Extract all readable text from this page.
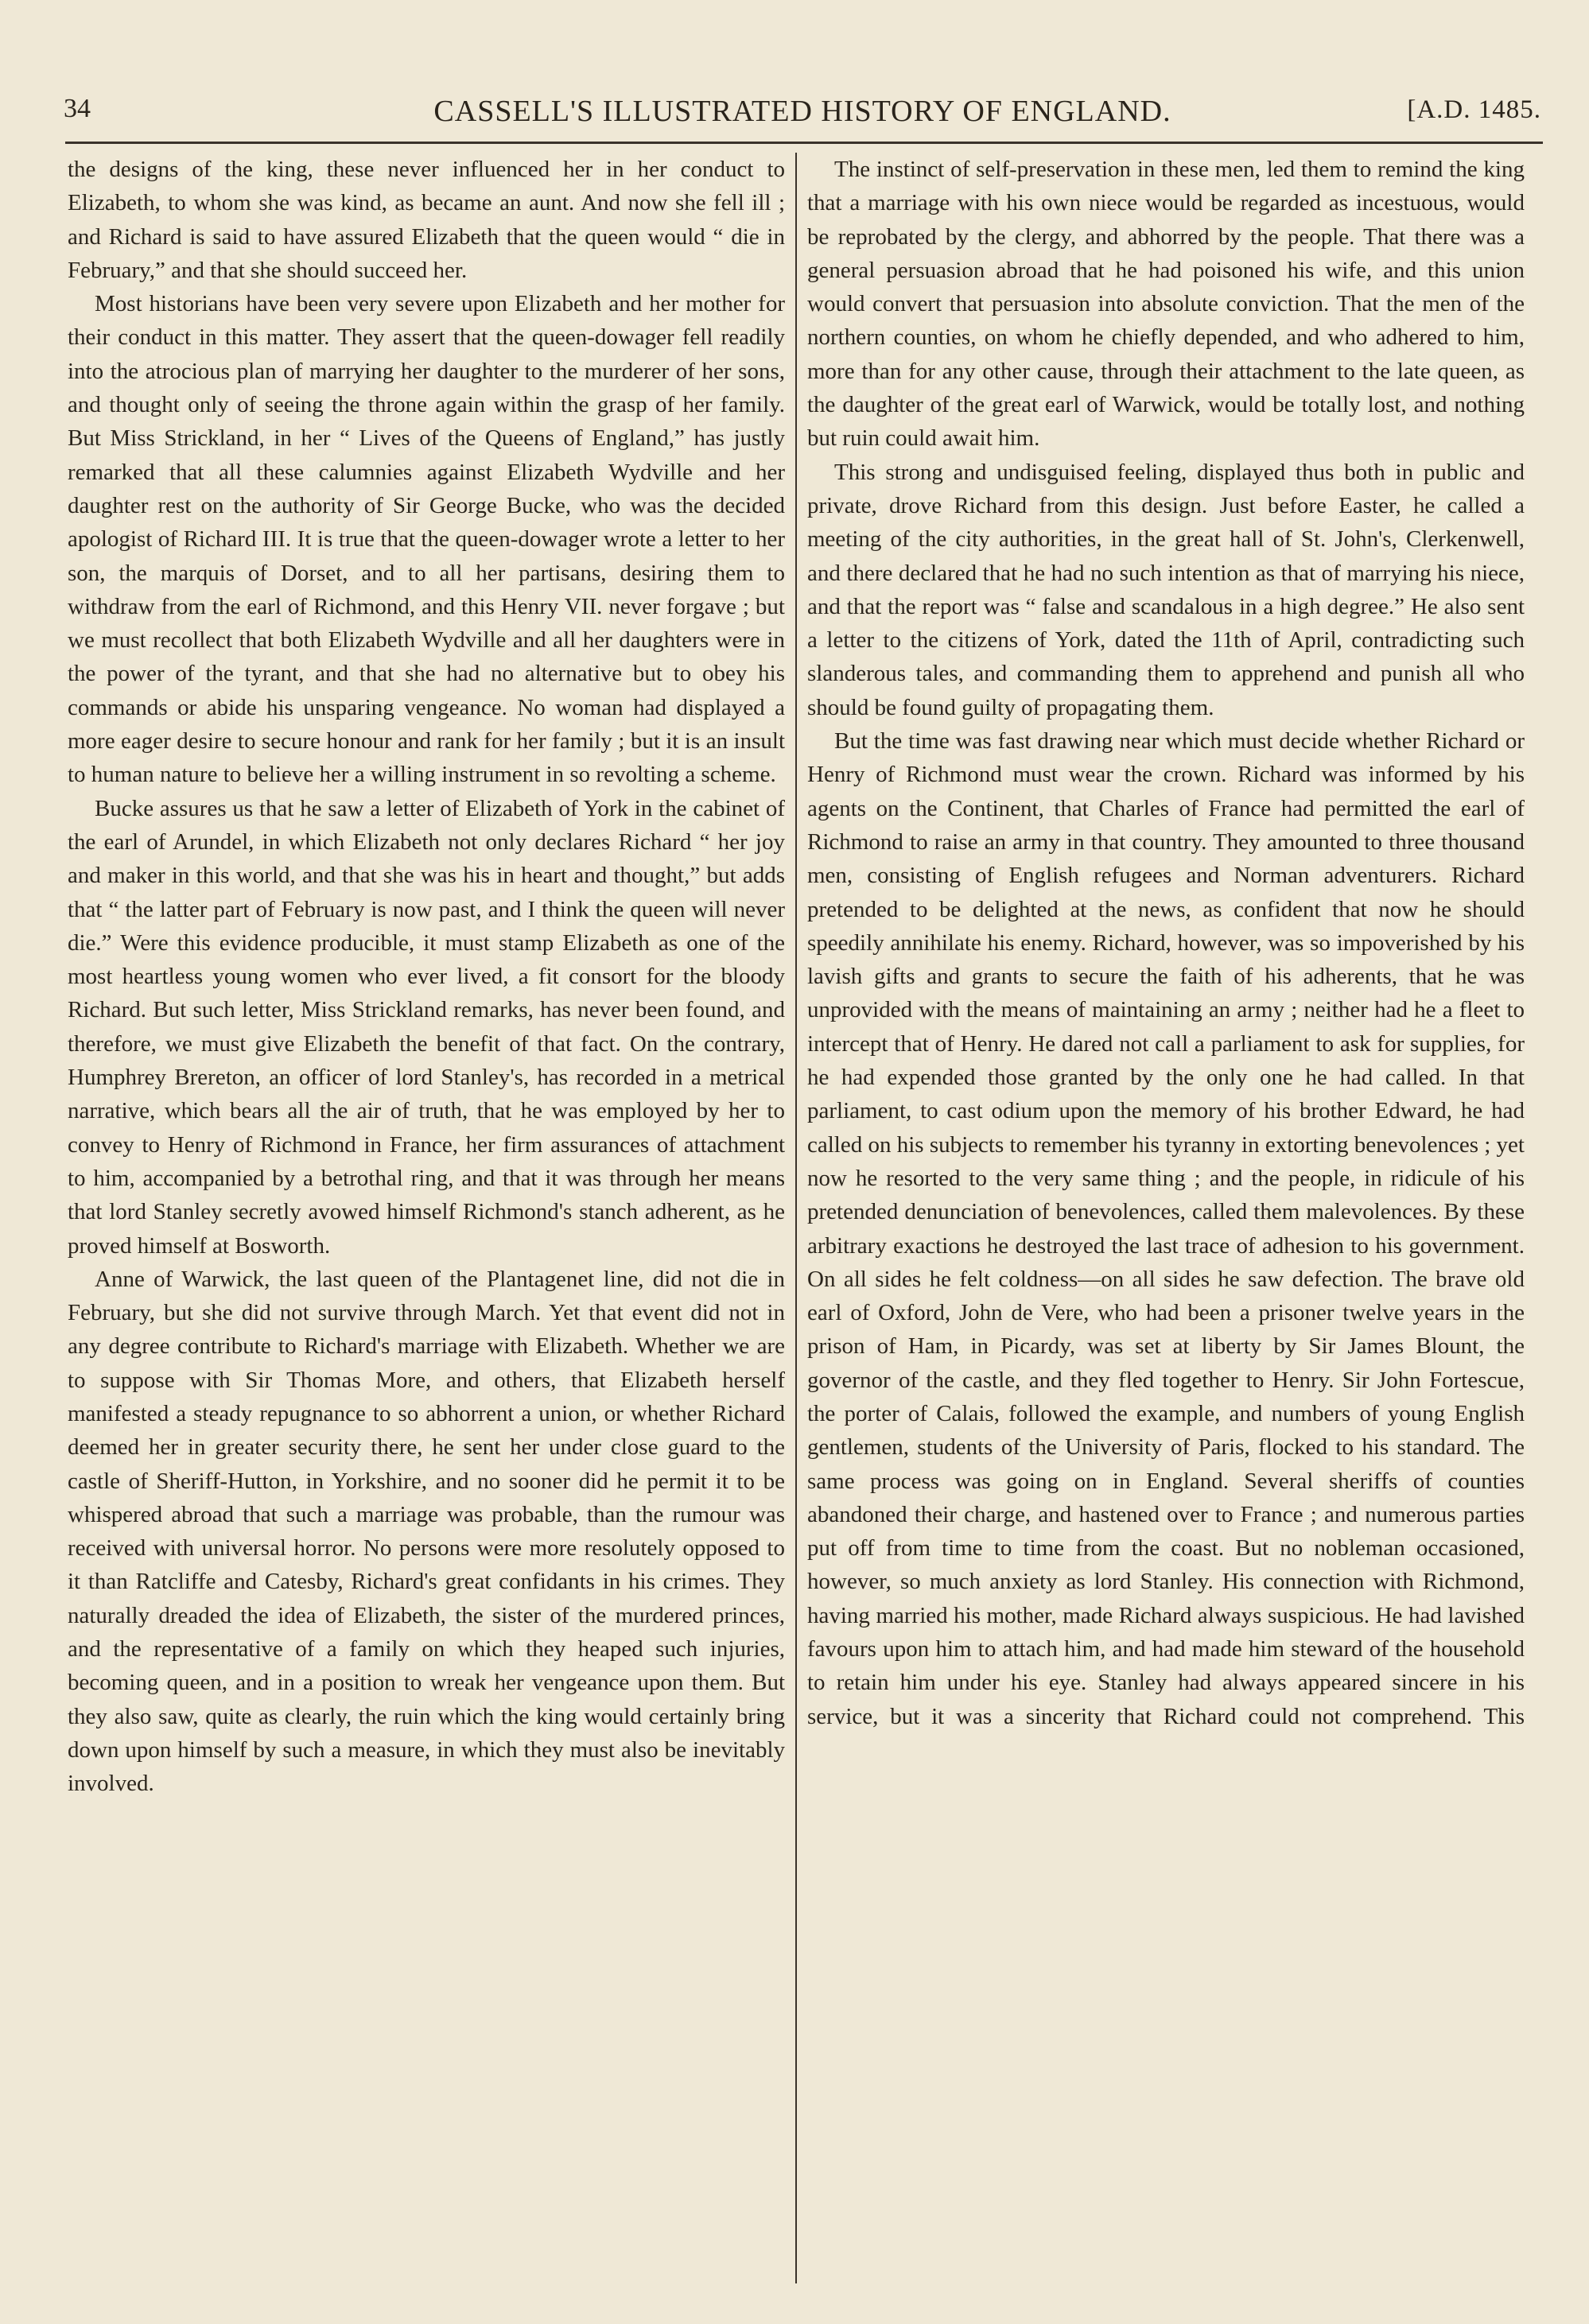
34	CASSELL'S ILLUSTRATED HISTORY OF ENGLAND.	[A.D. 1485.

the designs of the king, these never influenced her in her conduct to Elizabeth, to whom she was kind, as became an aunt. And now she fell ill ; and Richard is said to have assured Elizabeth that the queen would “ die in February,” and that she should succeed her.

Most historians have been very severe upon Elizabeth and her mother for their conduct in this matter. They assert that the queen-dowager fell readily into the atrocious plan of marrying her daughter to the murderer of her sons, and thought only of seeing the throne again within the grasp of her family. But Miss Strickland, in her “ Lives of the Queens of England,” has justly remarked that all these calumnies against Elizabeth Wydville and her daughter rest on the authority of Sir George Bucke, who was the decided apologist of Richard III. It is true that the queen-dowager wrote a letter to her son, the marquis of Dorset, and to all her partisans, desiring them to withdraw from the earl of Richmond, and this Henry VII. never forgave ; but we must recollect that both Elizabeth Wydville and all her daughters were in the power of the tyrant, and that she had no alternative but to obey his commands or abide his unsparing vengeance. No woman had displayed a more eager desire to secure honour and rank for her family ; but it is an insult to human nature to believe her a willing instrument in so revolting a scheme.

Bucke assures us that he saw a letter of Elizabeth of York in the cabinet of the earl of Arundel, in which Elizabeth not only declares Richard “ her joy and maker in this world, and that she was his in heart and thought,” but adds that “ the latter part of February is now past, and I think the queen will never die.” Were this evidence producible, it must stamp Elizabeth as one of the most heartless young women who ever lived, a fit consort for the bloody Richard. But such letter, Miss Strickland remarks, has never been found, and therefore, we must give Elizabeth the benefit of that fact. On the contrary, Humphrey Brereton, an officer of lord Stanley's, has recorded in a metrical narrative, which bears all the air of truth, that he was employed by her to convey to Henry of Richmond in France, her firm assurances of attachment to him, accompanied by a betrothal ring, and that it was through her means that lord Stanley secretly avowed himself Richmond's stanch adherent, as he proved himself at Bosworth.

Anne of Warwick, the last queen of the Plantagenet line, did not die in February, but she did not survive through March. Yet that event did not in any degree contribute to Richard's marriage with Elizabeth. Whether we are to suppose with Sir Thomas More, and others, that Elizabeth herself manifested a steady repugnance to so abhorrent a union, or whether Richard deemed her in greater security there, he sent her under close guard to the castle of Sheriff-Hutton, in Yorkshire, and no sooner did he permit it to be whispered abroad that such a marriage was probable, than the rumour was received with universal horror. No persons were more resolutely opposed to it than Ratcliffe and Catesby, Richard's great confidants in his crimes. They naturally dreaded the idea of Elizabeth, the sister of the murdered princes, and the representative of a family on which they heaped such injuries, becoming queen, and in a position to wreak her vengeance upon them. But they also saw, quite as clearly, the ruin which the king would certainly bring down upon himself by such a measure, in which they must also be inevitably involved.

The instinct of self-preservation in these men, led them to remind the king that a marriage with his own niece would be regarded as incestuous, would be reprobated by the clergy, and abhorred by the people. That there was a general persuasion abroad that he had poisoned his wife, and this union would convert that persuasion into absolute conviction. That the men of the northern counties, on whom he chiefly depended, and who adhered to him, more than for any other cause, through their attachment to the late queen, as the daughter of the great earl of Warwick, would be totally lost, and nothing but ruin could await him.

This strong and undisguised feeling, displayed thus both in public and private, drove Richard from this design. Just before Easter, he called a meeting of the city authorities, in the great hall of St. John's, Clerkenwell, and there declared that he had no such intention as that of marrying his niece, and that the report was “ false and scandalous in a high degree.” He also sent a letter to the citizens of York, dated the 11th of April, contradicting such slanderous tales, and commanding them to apprehend and punish all who should be found guilty of propagating them.

But the time was fast drawing near which must decide whether Richard or Henry of Richmond must wear the crown. Richard was informed by his agents on the Continent, that Charles of France had permitted the earl of Richmond to raise an army in that country. They amounted to three thousand men, consisting of English refugees and Norman adventurers. Richard pretended to be delighted at the news, as confident that now he should speedily annihilate his enemy. Richard, however, was so impoverished by his lavish gifts and grants to secure the faith of his adherents, that he was unprovided with the means of maintaining an army ; neither had he a fleet to intercept that of Henry. He dared not call a parliament to ask for supplies, for he had expended those granted by the only one he had called. In that parliament, to cast odium upon the memory of his brother Edward, he had called on his subjects to remember his tyranny in extorting benevolences ; yet now he resorted to the very same thing ; and the people, in ridicule of his pretended denunciation of benevolences, called them malevolences. By these arbitrary exactions he destroyed the last trace of adhesion to his government. On all sides he felt coldness—on all sides he saw defection. The brave old earl of Oxford, John de Vere, who had been a prisoner twelve years in the prison of Ham, in Picardy, was set at liberty by Sir James Blount, the governor of the castle, and they fled together to Henry. Sir John Fortescue, the porter of Calais, followed the example, and numbers of young English gentlemen, students of the University of Paris, flocked to his standard. The same process was going on in England. Several sheriffs of counties abandoned their charge, and hastened over to France ; and numerous parties put off from time to time from the coast. But no nobleman occasioned, however, so much anxiety as lord Stanley. His connection with Richmond, having married his mother, made Richard always suspicious. He had lavished favours upon him to attach him, and had made him steward of the household to retain him under his eye. Stanley had always appeared sincere in his service, but it was a sincerity that Richard could not comprehend. This
